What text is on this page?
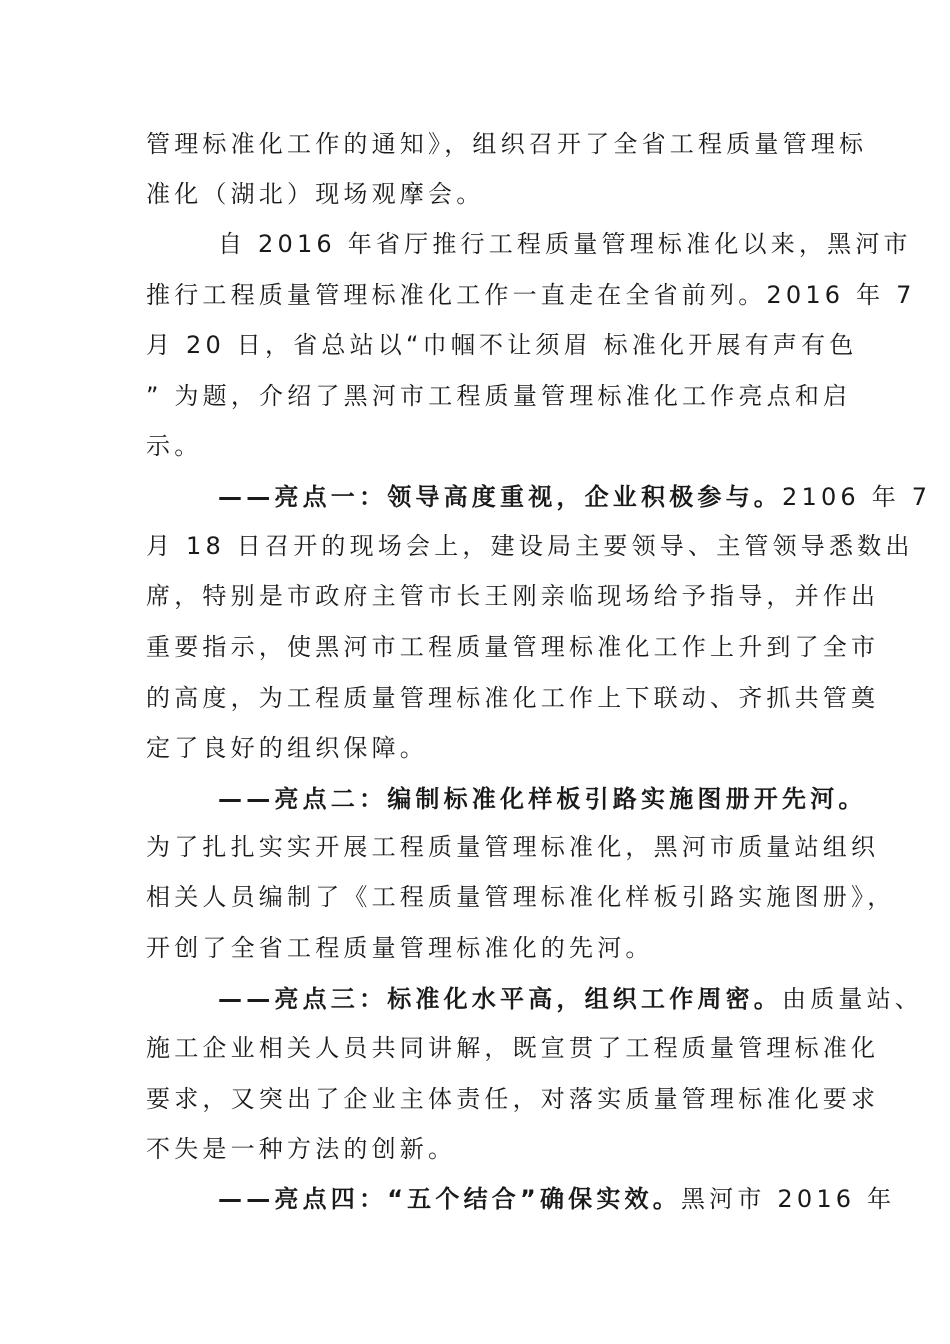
管理标准化工作的通知》，组织召开了全省工程质量管理标
准化（湖北）现场观摩会。
自 2016 年省厅推行工程质量管理标准化以来，黑河市
推行工程质量管理标准化工作一直走在全省前列。2016 年 7
月 20 日，省总站以“巾帼不让须眉 标准化开展有声有色
” 为题，介绍了黑河市工程质量管理标准化工作亮点和启
示。
——亮点一：领导高度重视，企业积极参与。2106 年 7
月 18 日召开的现场会上，建设局主要领导、主管领导悉数出
席，特别是市政府主管市长王刚亲临现场给予指导，并作出
重要指示，使黑河市工程质量管理标准化工作上升到了全市
的高度，为工程质量管理标准化工作上下联动、齐抓共管奠
定了良好的组织保障。
——亮点二：编制标准化样板引路实施图册开先河。
为了扎扎实实开展工程质量管理标准化，黑河市质量站组织
相关人员编制了《工程质量管理标准化样板引路实施图册》，
开创了全省工程质量管理标准化的先河。
——亮点三：标准化水平高，组织工作周密。由质量站、
施工企业相关人员共同讲解，既宣贯了工程质量管理标准化
要求，又突出了企业主体责任，对落实质量管理标准化要求
不失是一种方法的创新。
——亮点四：“五个结合”确保实效。黑河市 2016 年
